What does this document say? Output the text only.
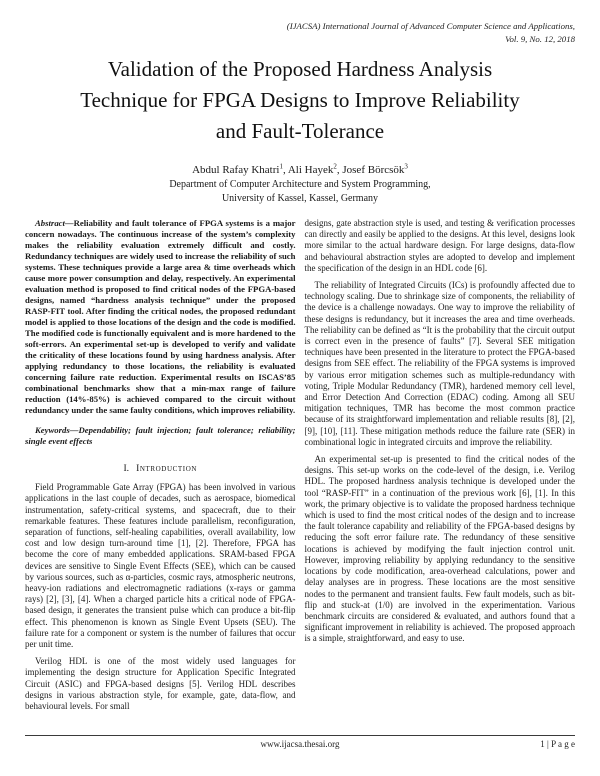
(IJACSA) International Journal of Advanced Computer Science and Applications,
Vol. 9, No. 12, 2018
Validation of the Proposed Hardness Analysis
Technique for FPGA Designs to Improve Reliability
and Fault-Tolerance
Abdul Rafay Khatri$^1$, Ali Hayek$^2$, Josef Börcsök$^3$
Department of Computer Architecture and System Programming,
University of Kassel, Kassel, Germany

Abstract—Reliability and fault tolerance of FPGA systems is a major concern nowadays. The continuous increase of the system’s complexity makes the reliability evaluation extremely difficult and costly. Redundancy techniques are widely used to increase the reliability of such systems. These techniques provide a large area & time overheads which cause more power consumption and delay, respectively. An experimental evaluation method is proposed to find critical nodes of the FPGA-based designs, named “hardness analysis technique” under the proposed RASP-FIT tool. After finding the critical nodes, the proposed redundant model is applied to those locations of the design and the code is modified. The modified code is functionally equivalent and is more hardened to the soft-errors. An experimental set-up is developed to verify and validate the criticality of these locations found by using hardness analysis. After applying redundancy to those locations, the reliability is evaluated concerning failure rate reduction. Experimental results on ISCAS’85 combinational benchmarks show that a min-max range of failure reduction (14%-85%) is achieved compared to the circuit without redundancy under the same faulty conditions, which improves reliability.

Keywords—Dependability; fault injection; fault tolerance; reliability; single event effects

I. Introduction

Field Programmable Gate Array (FPGA) has been involved in various applications in the last couple of decades, such as aerospace, biomedical instrumentation, safety-critical systems, and spacecraft, due to their remarkable features. These features include parallelism, reconfiguration, separation of functions, self-healing capabilities, overall availability, low cost and low design turn-around time [1], [2]. Therefore, FPGA has become the core of many embedded applications. SRAM-based FPGA devices are sensitive to Single Event Effects (SEE), which can be caused by various sources, such as α-particles, cosmic rays, atmospheric neutrons, heavy-ion radiations and electromagnetic radiations (x-rays or gamma rays) [2], [3], [4]. When a charged particle hits a critical node of FPGA-based design, it generates the transient pulse which can produce a bit-flip effect. This phenomenon is known as Single Event Upsets (SEU). The failure rate for a component or system is the number of failures that occur per unit time.

Verilog HDL is one of the most widely used languages for implementing the design structure for Application Specific Integrated Circuit (ASIC) and FPGA-based designs [5]. Verilog HDL describes designs in various abstraction style, for example, gate, data-flow, and behavioural levels. For small

designs, gate abstraction style is used, and testing & verification processes can directly and easily be applied to the designs. At this level, designs look more similar to the actual hardware design. For large designs, data-flow and behavioural abstraction styles are adopted to develop and implement the specification of the design in an HDL code [6].

The reliability of Integrated Circuits (ICs) is profoundly affected due to technology scaling. Due to shrinkage size of components, the reliability of the device is a challenge nowadays. One way to improve the reliability of these designs is redundancy, but it increases the area and time overheads. The reliability can be defined as “It is the probability that the circuit output is correct even in the presence of faults” [7]. Several SEE mitigation techniques have been presented in the literature to protect the FPGA-based designs from SEE effect. The reliability of the FPGA systems is improved by various error mitigation schemes such as multiple-redundancy with voting, Triple Modular Redundancy (TMR), hardened memory cell level, and Error Detection And Correction (EDAC) coding. Among all SEU mitigation techniques, TMR has become the most common practice because of its straightforward implementation and reliable results [8], [2], [9], [10], [11]. These mitigation methods reduce the failure rate (SER) in combinational logic in integrated circuits and improve the reliability.

An experimental set-up is presented to find the critical nodes of the designs. This set-up works on the code-level of the design, i.e. Verilog HDL. The proposed hardness analysis technique is developed under the tool “RASP-FIT” in a continuation of the previous work [6], [1]. In this work, the primary objective is to validate the proposed hardness technique which is used to find the most critical nodes of the design and to increase the fault tolerance capability and reliability of the FPGA-based designs by reducing the soft error failure rate. The redundancy of these sensitive locations is achieved by modifying the fault injection control unit. However, improving reliability by applying redundancy to the sensitive locations by code modification, area-overhead calculations, power and delay analyses are in progress. These locations are the most sensitive nodes to the permanent and transient faults. Few fault models, such as bit-flip and stuck-at (1/0) are involved in the experimentation. Various benchmark circuits are considered & evaluated, and authors found that a significant improvement in reliability is achieved. The proposed approach is a simple, straightforward, and easy to use.

www.ijacsa.thesai.org	1 | P a g e
